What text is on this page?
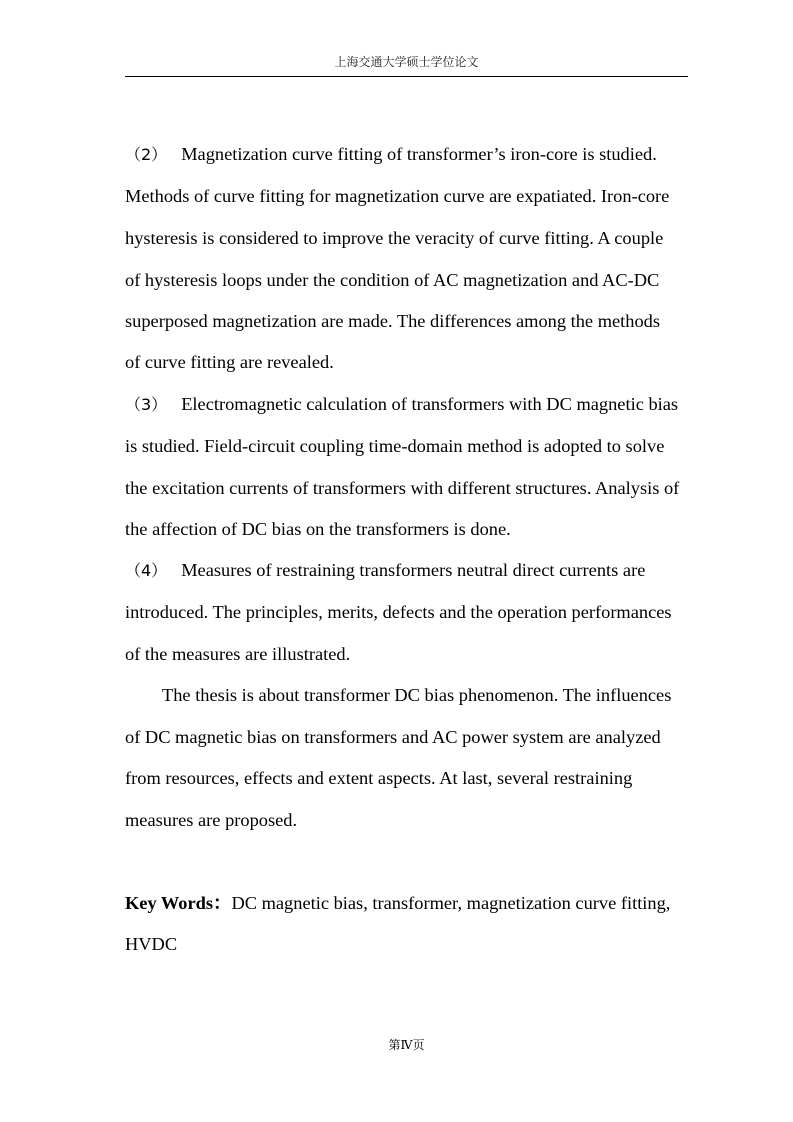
上海交通大学硕士学位论文
（2） Magnetization curve fitting of transformer’s iron-core is studied.
Methods of curve fitting for magnetization curve are expatiated. Iron-core
hysteresis is considered to improve the veracity of curve fitting. A couple
of hysteresis loops under the condition of AC magnetization and AC-DC
superposed magnetization are made. The differences among the methods
of curve fitting are revealed.
（3） Electromagnetic calculation of transformers with DC magnetic bias
is studied. Field-circuit coupling time-domain method is adopted to solve
the excitation currents of transformers with different structures. Analysis of
the affection of DC bias on the transformers is done.
（4） Measures of restraining transformers neutral direct currents are
introduced. The principles, merits, defects and the operation performances
of the measures are illustrated.
The thesis is about transformer DC bias phenomenon. The influences
of DC magnetic bias on transformers and AC power system are analyzed
from resources, effects and extent aspects. At last, several restraining
measures are proposed.
Key Words：DC magnetic bias, transformer, magnetization curve fitting,
HVDC
第Ⅳ页
